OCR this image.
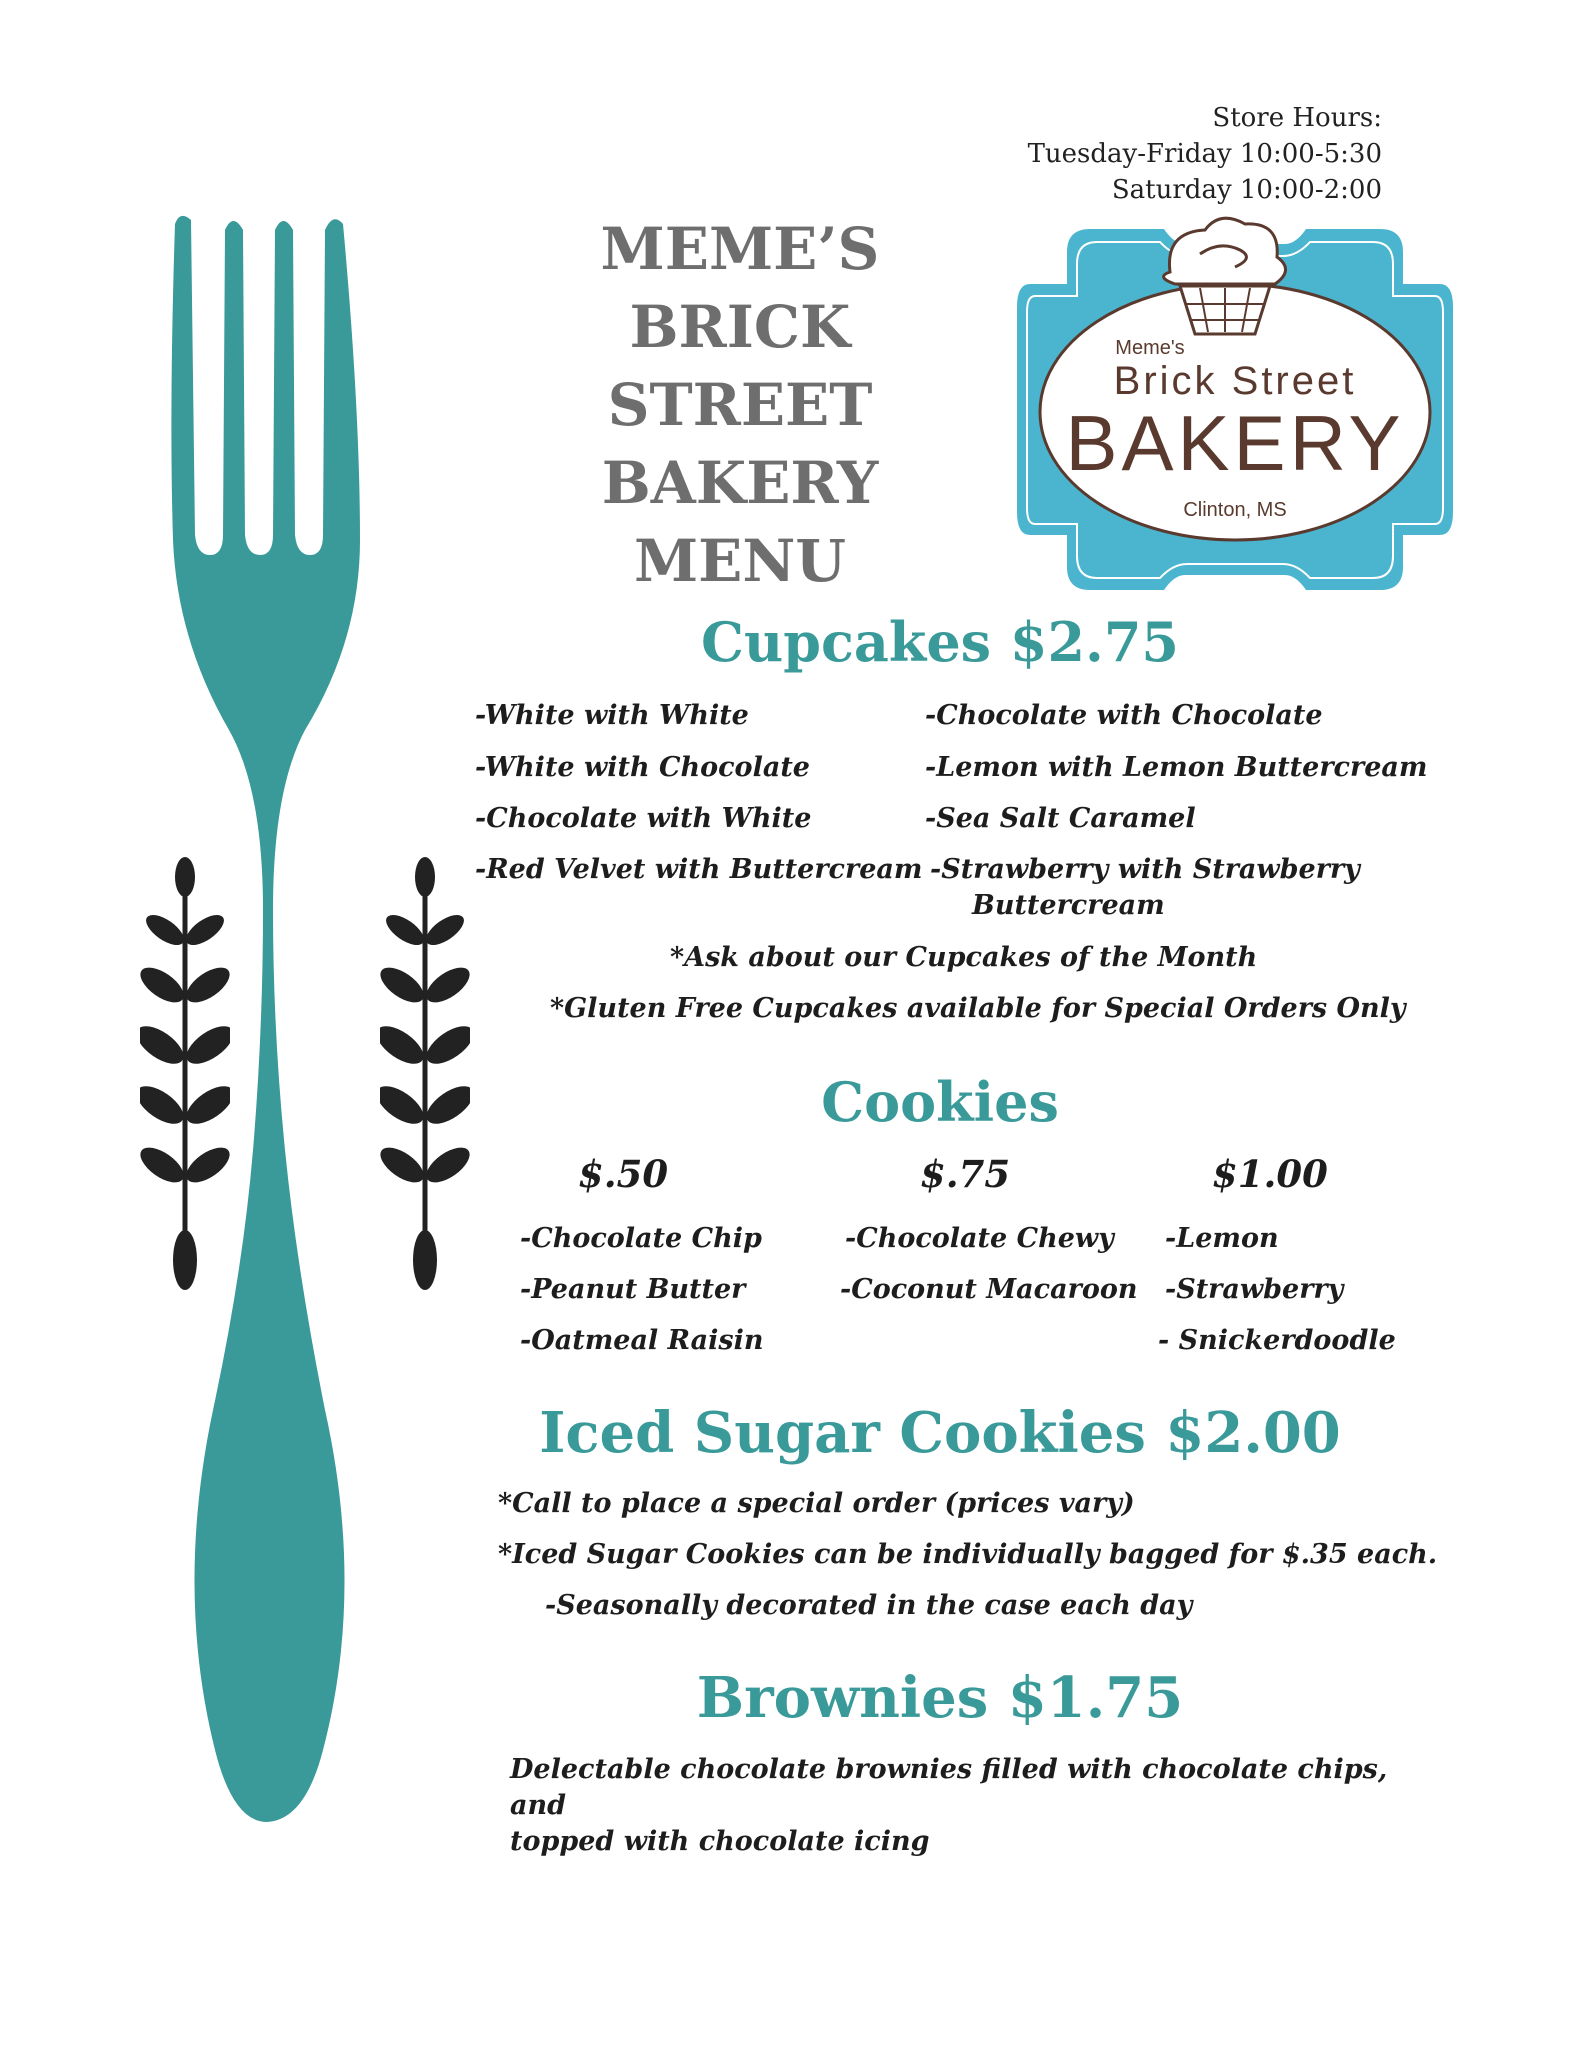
Store Hours:
Tuesday-Friday 10:00-5:30
Saturday 10:00-2:00
MEME’S BRICK
STREET
BAKERY
MENU
Meme's
Brick Street
BAKERY
Clinton, MS
Cupcakes $2.75
-White with White
-White with Chocolate
-Chocolate with White
-Red Velvet with Buttercream
-Chocolate with Chocolate
-Lemon with Lemon Buttercream
-Sea Salt Caramel
-Strawberry with Strawberry
Buttercream
*Ask about our Cupcakes of the Month
*Gluten Free Cupcakes available for Special Orders Only
Cookies
$.50	$.75	$1.00
-Chocolate Chip
-Peanut Butter
-Oatmeal Raisin
-Chocolate Chewy
-Coconut Macaroon
-Lemon
-Strawberry
- Snickerdoodle
Iced Sugar Cookies $2.00
*Call to place a special order (prices vary)
*Iced Sugar Cookies can be individually bagged for $.35 each.
-Seasonally decorated in the case each day
Brownies $1.75
Delectable chocolate brownies filled with chocolate chips, and
topped with chocolate icing
